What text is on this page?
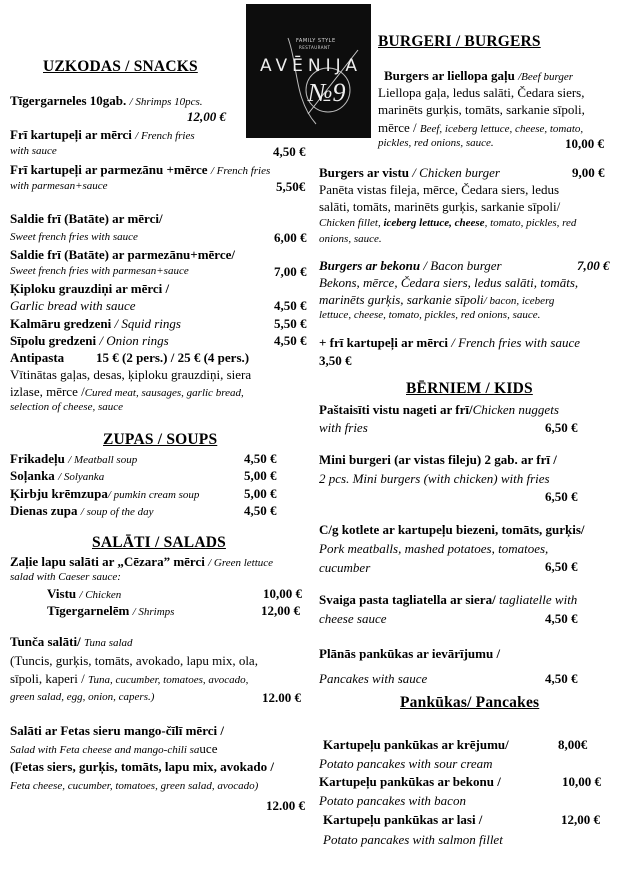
FAMILY STYLE
RESTAURANT
AVĒNIJA
№9
UZKODAS / SNACKS
Tīgergarneles 10gab. / Shrimps 10pcs.
12,00 €
Frī kartupeļi ar mērci / French fries
with sauce	4,50 €
Frī kartupeļi ar parmezānu +mērce / French fries
with parmesan+sauce	5,50€
Saldie frī (Batāte) ar mērci/
Sweet french fries with sauce	6,00 €
Saldie frī (Batāte) ar parmezānu+mērce/
Sweet french fries with parmesan+sauce	7,00 €
Ķiploku grauzdiņi ar mērci /
Garlic bread with sauce	4,50 €
Kalmāru gredzeni / Squid rings	5,50 €
Sīpolu gredzeni / Onion rings	4,50 €
Antipasta 15 € (2 pers.) / 25 € (4 pers.)
Vītinātas gaļas, desas, ķiploku grauzdiņi, siera
izlase, mērce /Cured meat, sausages, garlic bread,
selection of cheese, sauce
ZUPAS / SOUPS
Frikadeļu / Meatball soup	4,50 €
Soļanka / Solyanka	5,00 €
Ķirbju krēmzupa/ pumkin cream soup	5,00 €
Dienas zupa / soup of the day	4,50 €
SALĀTI / SALADS
Zaļie lapu salāti ar „Cēzara” mērci / Green lettuce
salad with Caeser sauce:
Vistu / Chicken	10,00 €
Tīgergarnelēm / Shrimps	12,00 €
Tunča salāti/ Tuna salad
(Tuncis, gurķis, tomāts, avokado, lapu mix, ola,
sīpoli, kaperi / Tuna, cucumber, tomatoes, avocado,
green salad, egg, onion, capers.)	12.00 €
Salāti ar Fetas sieru mango-čīlī mērci /
Salad with Feta cheese and mango-chili sauce
(Fetas siers, gurķis, tomāts, lapu mix, avokado /
Feta cheese, cucumber, tomatoes, green salad, avocado)
12.00 €
BURGERI / BURGERS
Burgers ar liellopa gaļu /Beef burger
Liellopa gaļa, ledus salāti, Čedara siers,
marinēts gurķis, tomāts, sarkanie sīpoli,
mērce / Beef, iceberg lettuce, cheese, tomato,
pickles, red onions, sauce.	10,00 €
Burgers ar vistu / Chicken burger	9,00 €
Panēta vistas fileja, mērce, Čedara siers, ledus
salāti, tomāts, marinēts gurķis, sarkanie sīpoli/
Chicken fillet, iceberg lettuce, cheese, tomato, pickles, red
onions, sauce.
Burgers ar bekonu / Bacon burger	7,00 €
Bekons, mērce, Čedara siers, ledus salāti, tomāts,
marinēts gurķis, sarkanie sīpoli/ bacon, iceberg
lettuce, cheese, tomato, pickles, red onions, sauce.
+ frī kartupeļi ar mērci / French fries with sauce
3,50 €
BĒRNIEM / KIDS
Paštaisīti vistu nageti ar frī/Chicken nuggets
with fries	6,50 €
Mini burgeri (ar vistas fileju) 2 gab. ar frī /
2 pcs. Mini burgers (with chicken) with fries
6,50 €
C/g kotlete ar kartupeļu biezeni, tomāts, gurķis/
Pork meatballs, mashed potatoes, tomatoes,
cucumber	6,50 €
Svaiga pasta tagliatella ar siera/ tagliatelle with
cheese sauce	4,50 €
Plānās pankūkas ar ievārījumu /
Pancakes with sauce	4,50 €
Pankūkas/ Pancakes
Kartupeļu pankūkas ar krējumu/	8,00€
Potato pancakes with sour cream
Kartupeļu pankūkas ar bekonu /	10,00 €
Potato pancakes with bacon
Kartupeļu pankūkas ar lasi /	12,00 €
Potato pancakes with salmon fillet
